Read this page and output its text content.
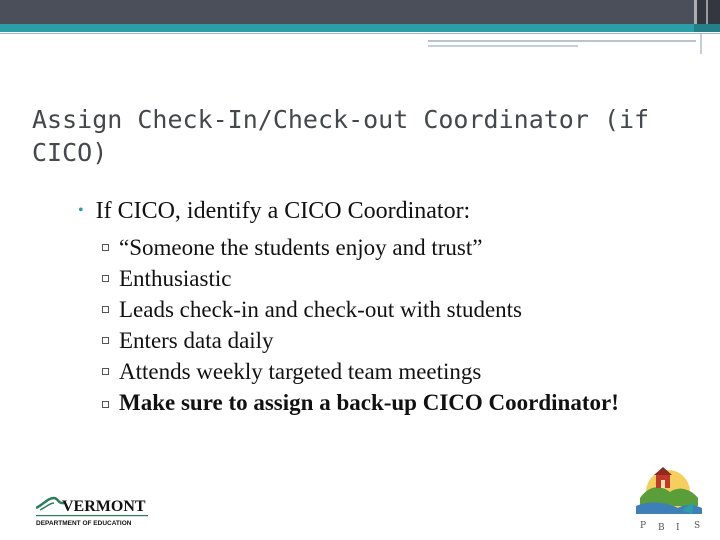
Assign Check-In/Check-out Coordinator (if CICO)
• If CICO, identify a CICO Coordinator:
“Someone the students enjoy and trust”
Enthusiastic
Leads check-in and check-out with students
Enters data daily
Attends weekly targeted team meetings
Make sure to assign a back-up CICO Coordinator!
VERMONT
DEPARTMENT OF EDUCATION	P B I S
